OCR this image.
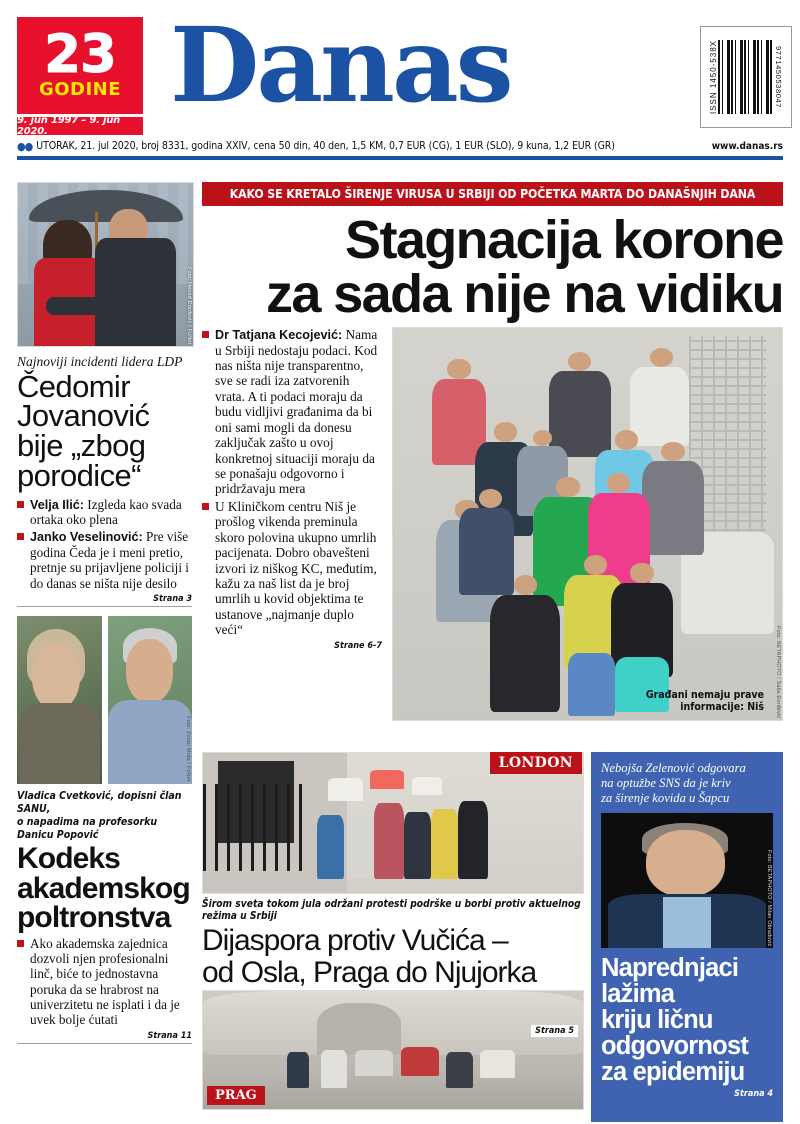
23
GODINE
9. jun 1997 – 9. jun 2020.
Danas	ISSN 1450-538X	9771450538047
●● UTORAK, 21. jul 2020, broj 8331, godina XXIV, cena 50 din, 40 den, 1,5 KM, 0,7 EUR (CG), 1 EUR (SLO), 9 kuna, 1,2 EUR (GR)	www.danas.rs
Foto: Nenad Đorđević / FoNet
Najnoviji incidenti lidera LDP
Čedomir
Jovanović
bije „zbog
porodice“
Velja Ilić: Izgleda kao svada ortaka oko plena
Janko Veselinović: Pre više godina Čeda je i meni pretio, pretnje su prijavljene policiji i do danas se ništa nije desilo
Strana 3
Foto: Zoran Mrđa / FoNet
Vladica Cvetković, dopisni član SANU,
o napadima na profesorku Danicu Popović
Kodeks
akademskog
poltronstva
Ako akademska zajednica dozvoli njen profesionalni linč, biće to jednostavna poruka da se hrabrost na univerzitetu ne isplati i da je uvek bolje ćutati
Strana 11
KAKO SE KRETALO ŠIRENJE VIRUSA U SRBIJI OD POČETKA MARTA DO DANAŠNJIH DANA
Stagnacija korone
za sada nije na vidiku
Dr Tatjana Kecojević: Nama u Srbiji nedostaju podaci. Kod nas ništa nije transparentno, sve se radi iza zatvorenih vrata. A ti podaci moraju da budu vidljivi građanima da bi oni sami mogli da donesu zaključak zašto u ovoj konkretnoj situaciji moraju da se ponašaju odgovorno i pridržavaju mera
U Kliničkom centru Niš je prošlog vikenda preminula skoro polovina ukupno umrlih pacijenata. Dobro obavešteni izvori iz niškog KC, međutim, kažu za naš list da je broj umrlih u kovid objektima te ustanove „najmanje duplo veći“
Strane 6-7
Građani nemaju prave
informacije: Niš Foto: BETAPHOTO / Saša Đorđević
LONDON
Širom sveta tokom jula održani protesti podrške u borbi protiv aktuelnog režima u Srbiji
Dijaspora protiv Vučića –
od Osla, Praga do Njujorka
PRAG
Strana 5
Nebojša Zelenović odgovara
na optužbe SNS da je kriv
za širenje kovida u Šapcu
Foto: BETAPHOTO / Milan Obradović
Naprednjaci
lažima
kriju ličnu
odgovornost
za epidemiju
Strana 4
